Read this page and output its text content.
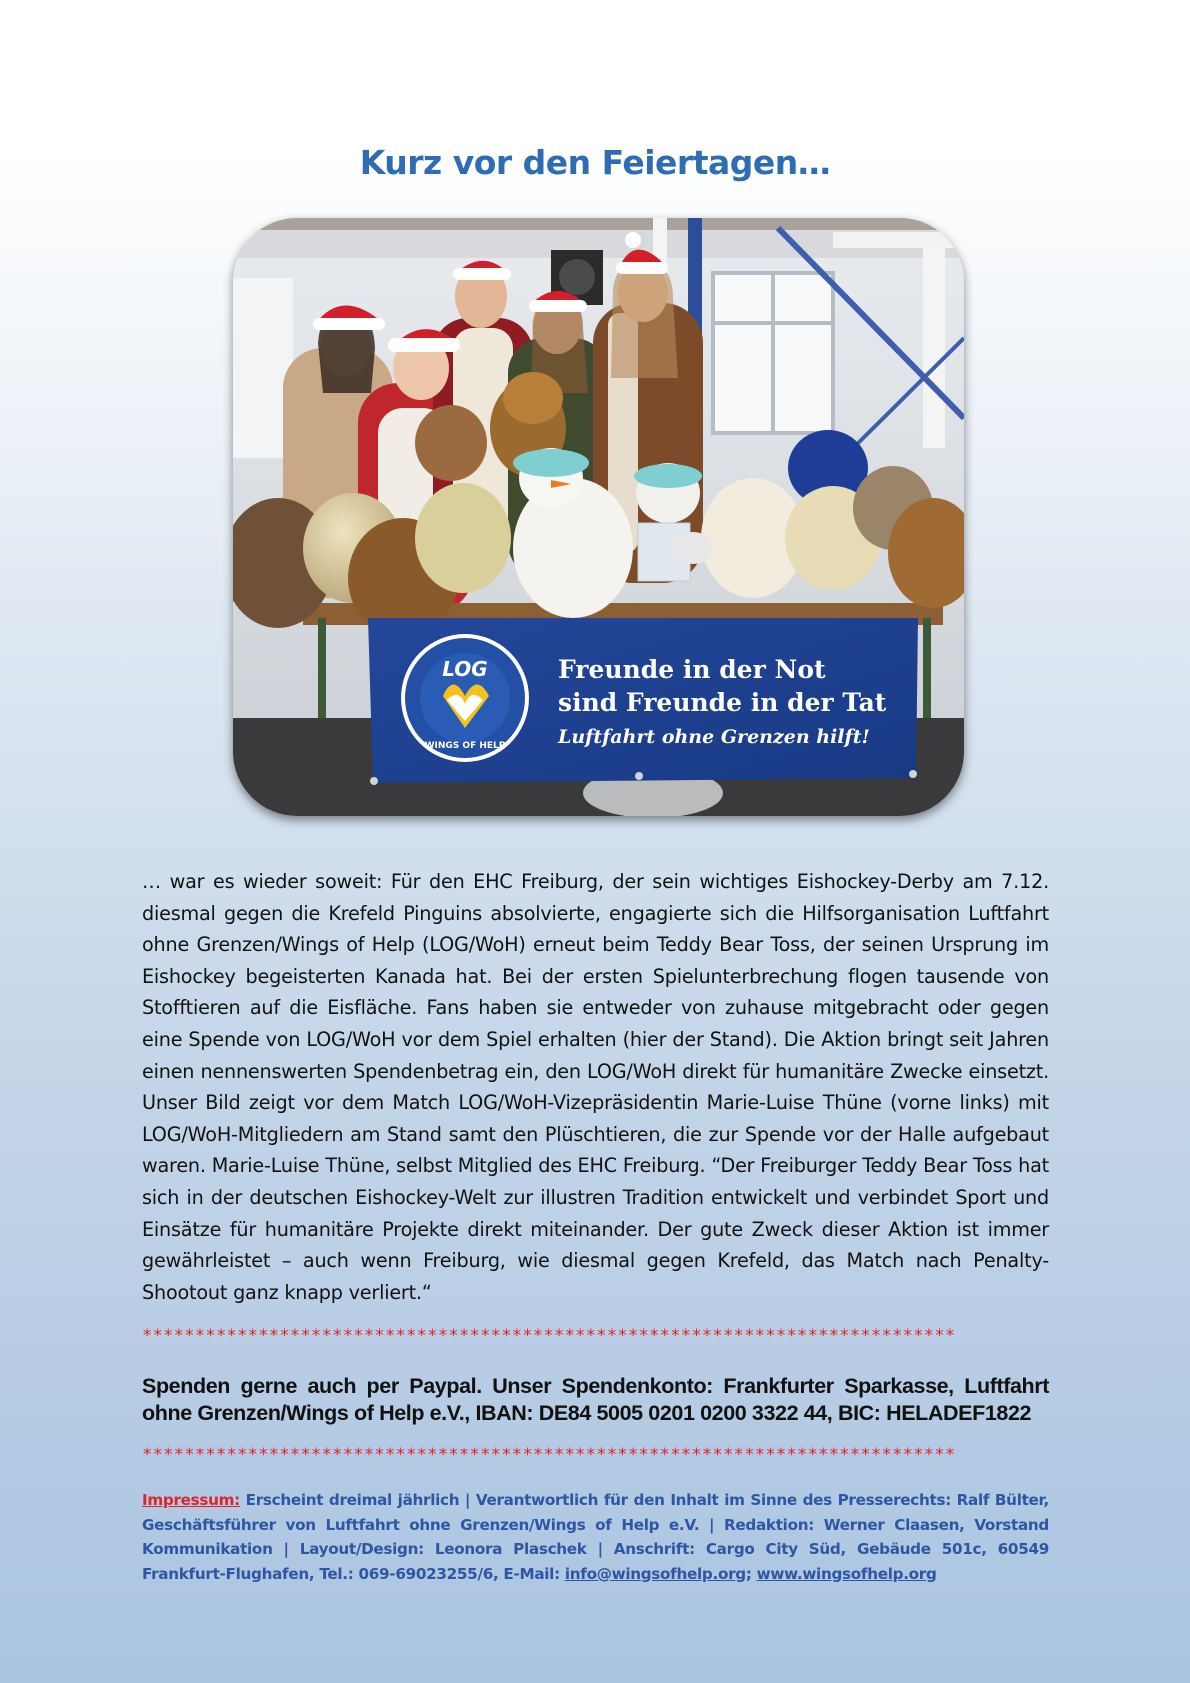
Kurz vor den Feiertagen…
LOG
WINGS OF HELP
Freunde in der Not
sind Freunde in der Tat
Luftfahrt ohne Grenzen hilft!
… war es wieder soweit: Für den EHC Freiburg, der sein wichtiges Eishockey-Derby am 7.12. diesmal gegen die Krefeld Pinguins absolvierte, engagierte sich die Hilfsorganisation Luftfahrt ohne Grenzen/Wings of Help (LOG/WoH) erneut beim Teddy Bear Toss, der seinen Ursprung im Eishockey begeisterten Kanada hat. Bei der ersten Spielunterbrechung flogen tausende von Stofftieren auf die Eisfläche. Fans haben sie entweder von zuhause mitgebracht oder gegen eine Spende von LOG/WoH vor dem Spiel erhalten (hier der Stand). Die Aktion bringt seit Jahren einen nennenswerten Spendenbetrag ein, den LOG/WoH direkt für humanitäre Zwecke einsetzt. Unser Bild zeigt vor dem Match LOG/WoH-Vizepräsidentin Marie-Luise Thüne (vorne links) mit LOG/WoH-Mitgliedern am Stand samt den Plüschtieren, die zur Spende vor der Halle aufgebaut waren. Marie-Luise Thüne, selbst Mitglied des EHC Freiburg. “Der Freiburger Teddy Bear Toss hat sich in der deutschen Eishockey-Welt zur illustren Tradition entwickelt und verbindet Sport und Einsätze für humanitäre Projekte direkt miteinander. Der gute Zweck dieser Aktion ist immer gewährleistet – auch wenn Freiburg, wie diesmal gegen Krefeld, das Match nach Penalty-Shootout ganz knapp verliert.“
*****************************************************************************
Spenden gerne auch per Paypal. Unser Spendenkonto: Frankfurter Sparkasse, Luftfahrt ohne Grenzen/Wings of Help e.V., IBAN: DE84 5005 0201 0200 3322 44, BIC: HELADEF1822
*****************************************************************************
Impressum: Erscheint dreimal jährlich | Verantwortlich für den Inhalt im Sinne des Presserechts: Ralf Bülter, Geschäftsführer von Luftfahrt ohne Grenzen/Wings of Help e.V. | Redaktion: Werner Claasen, Vorstand Kommunikation | Layout/Design: Leonora Plaschek | Anschrift: Cargo City Süd, Gebäude 501c, 60549 Frankfurt-Flughafen, Tel.: 069-69023255/6, E-Mail: info@wingsofhelp.org; www.wingsofhelp.org
